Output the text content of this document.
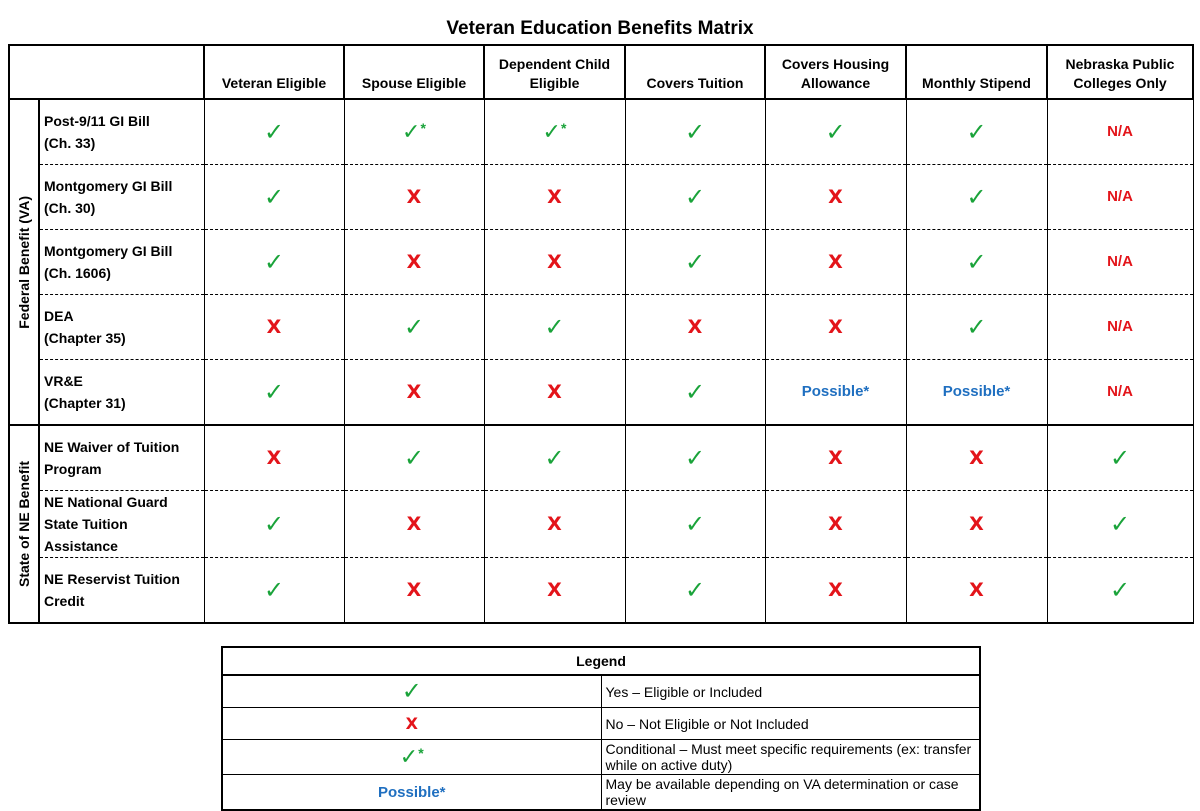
Veteran Education Benefits Matrix
		Veteran Eligible	Spouse Eligible	Dependent Child Eligible	Covers Tuition	Covers Housing Allowance	Monthly Stipend	Nebraska Public Colleges Only

Federal Benefit (VA)	Post-9/11 GI Bill
(Ch. 33)	✓	✓*	✓*	✓	✓	✓	N/A

	Montgomery GI Bill
(Ch. 30)	✓	X	X	✓	X	✓	N/A

	Montgomery GI Bill
(Ch. 1606)	✓	X	X	✓	X	✓	N/A

	DEA
(Chapter 35)	X	✓	✓	X	X	✓	N/A

	VR&E
(Chapter 31)	✓	X	X	✓	Possible*	Possible*	N/A

State of NE Benefit	NE Waiver of Tuition
Program	X	✓	✓	✓	X	X	✓

	NE National Guard
State Tuition
Assistance	✓	X	X	✓	X	X	✓

	NE Reservist Tuition
Credit	✓	X	X	✓	X	X	✓
Legend	
✓	Yes – Eligible or Included
X	No – Not Eligible or Not Included
✓*	Conditional – Must meet specific requirements (ex: transfer while on active duty)
Possible*	May be available depending on VA determination or case review
